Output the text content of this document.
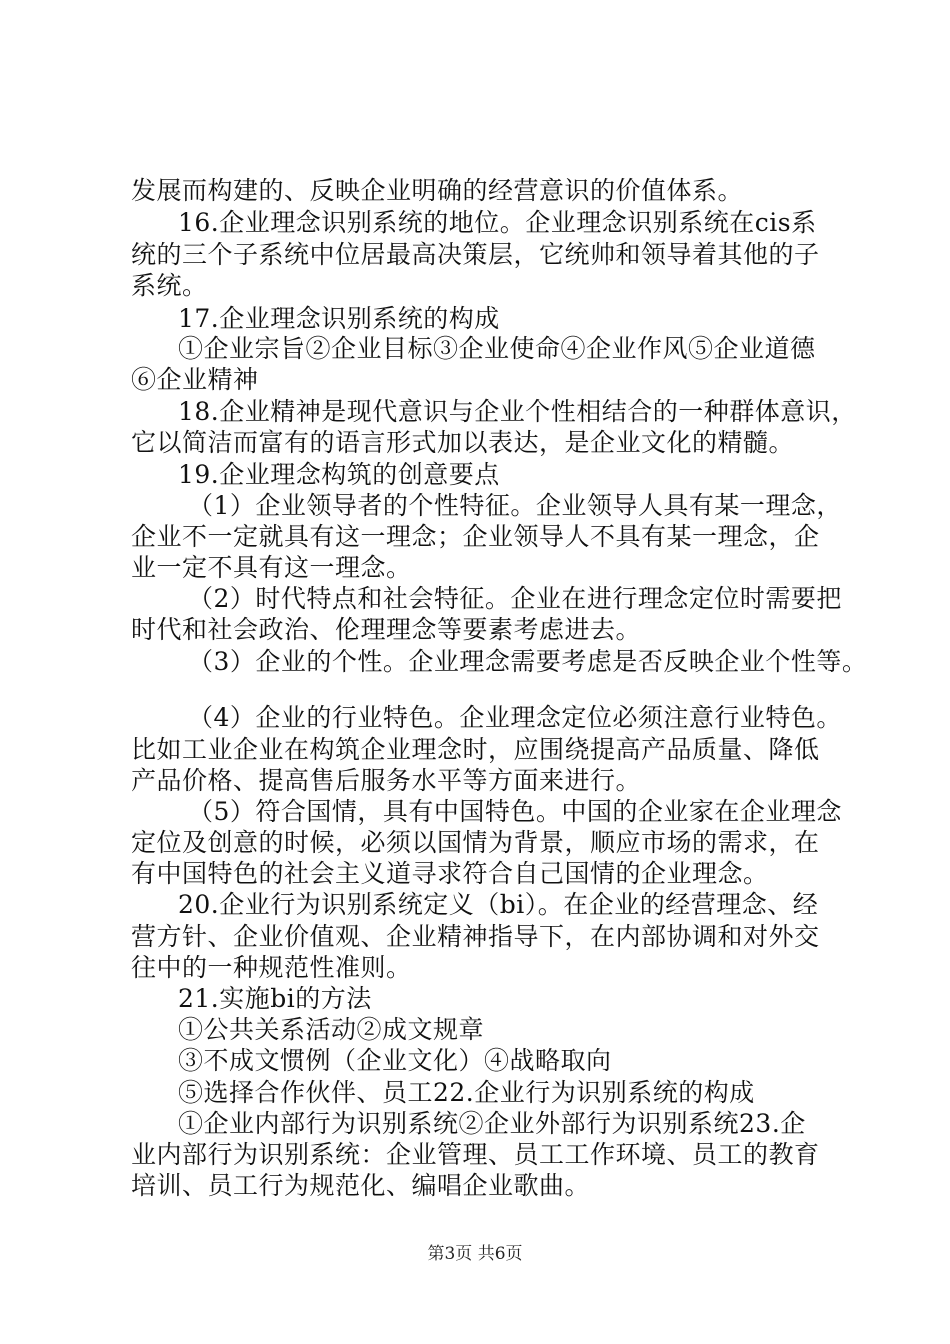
发展而构建的、反映企业明确的经营意识的价值体系。
16.企业理念识别系统的地位。企业理念识别系统在cis系
统的三个子系统中位居最高决策层，它统帅和领导着其他的子
系统。
17.企业理念识别系统的构成
①企业宗旨②企业目标③企业使命④企业作风⑤企业道德
⑥企业精神
18.企业精神是现代意识与企业个性相结合的一种群体意识，
它以简洁而富有的语言形式加以表达，是企业文化的精髓。
19.企业理念构筑的创意要点
（1）企业领导者的个性特征。企业领导人具有某一理念，
企业不一定就具有这一理念；企业领导人不具有某一理念，企
业一定不具有这一理念。
（2）时代特点和社会特征。企业在进行理念定位时需要把
时代和社会政治、伦理理念等要素考虑进去。
（3）企业的个性。企业理念需要考虑是否反映企业个性等。
（4）企业的行业特色。企业理念定位必须注意行业特色。
比如工业企业在构筑企业理念时，应围绕提高产品质量、降低
产品价格、提高售后服务水平等方面来进行。
（5）符合国情，具有中国特色。中国的企业家在企业理念
定位及创意的时候，必须以国情为背景，顺应市场的需求，在
有中国特色的社会主义道寻求符合自己国情的企业理念。
20.企业行为识别系统定义（bi）。在企业的经营理念、经
营方针、企业价值观、企业精神指导下，在内部协调和对外交
往中的一种规范性准则。
21.实施bi的方法
①公共关系活动②成文规章
③不成文惯例（企业文化）④战略取向
⑤选择合作伙伴、员工22.企业行为识别系统的构成
①企业内部行为识别系统②企业外部行为识别系统23.企
业内部行为识别系统：企业管理、员工工作环境、员工的教育
培训、员工行为规范化、编唱企业歌曲。
第3页 共6页
